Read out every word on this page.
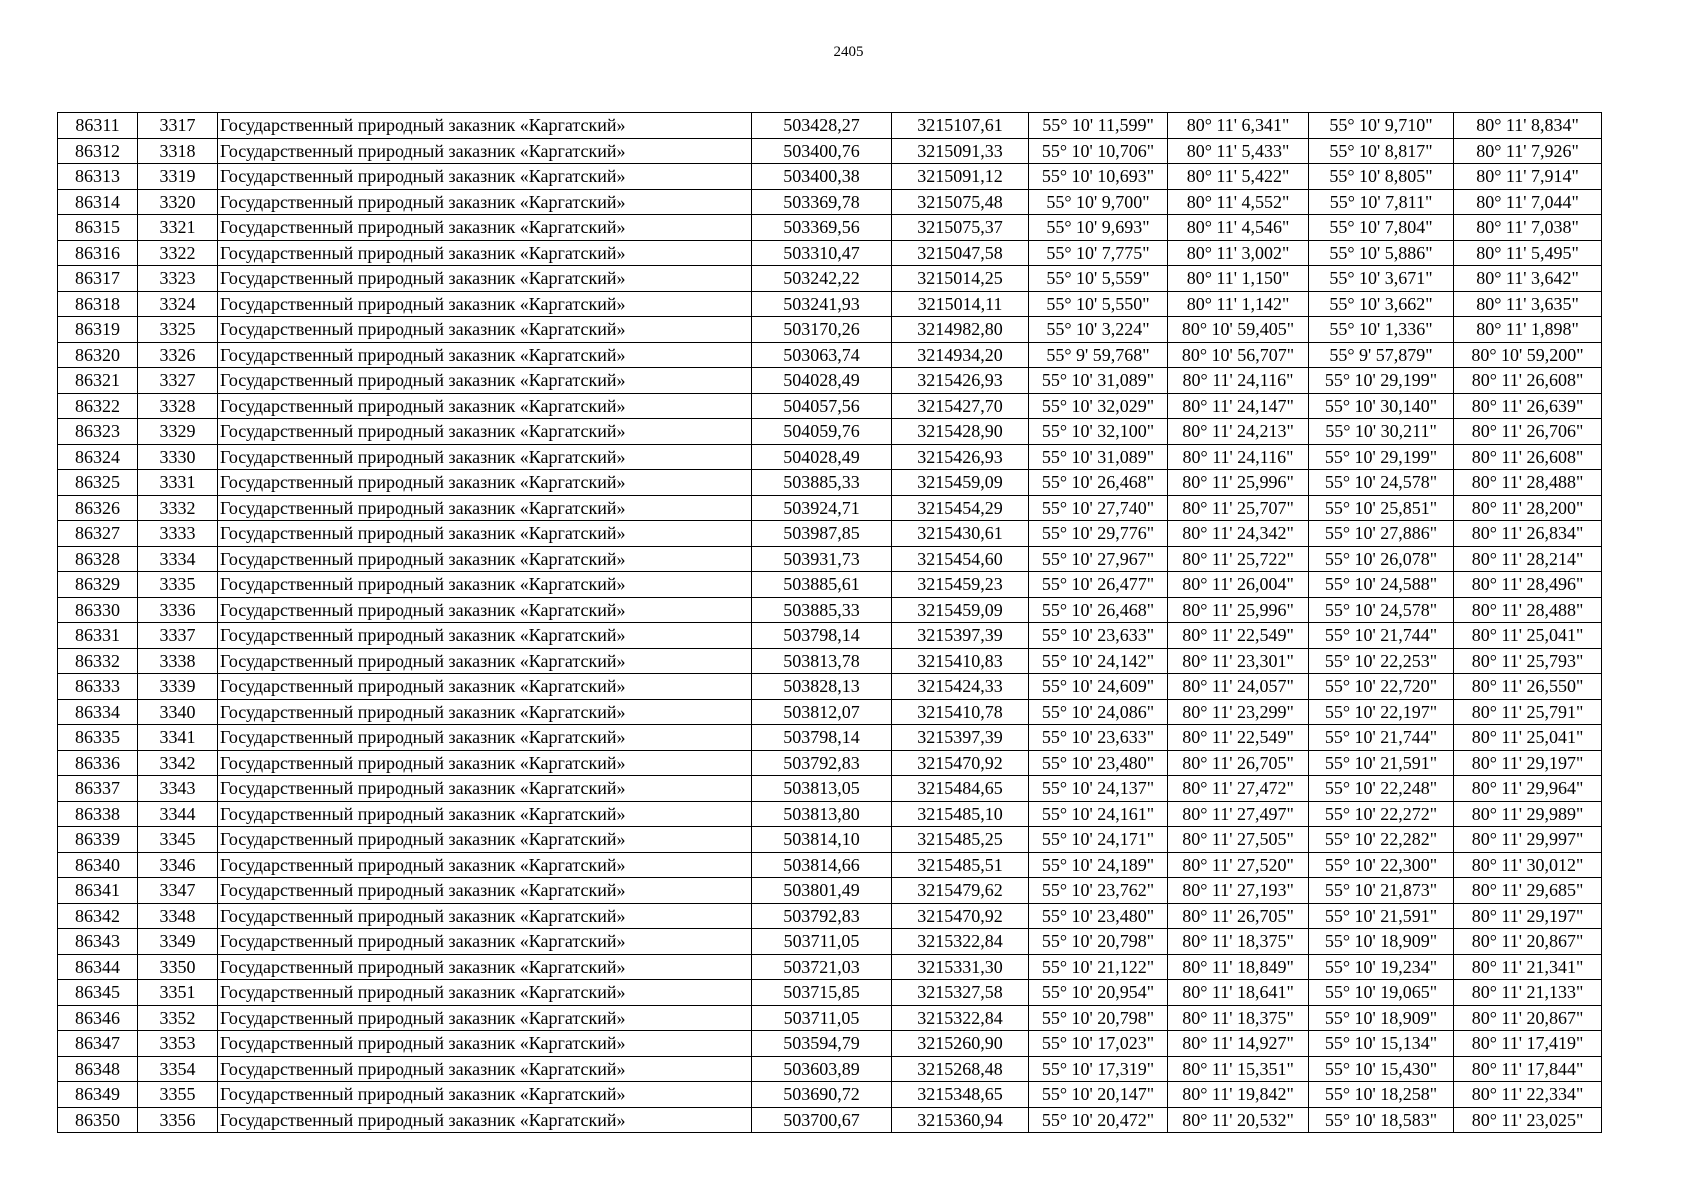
2405
86311	3317	Государственный природный заказник «Каргатский»	503428,27	3215107,61	55° 10' 11,599"	80° 11' 6,341"	55° 10' 9,710"	80° 11' 8,834"
86312	3318	Государственный природный заказник «Каргатский»	503400,76	3215091,33	55° 10' 10,706"	80° 11' 5,433"	55° 10' 8,817"	80° 11' 7,926"
86313	3319	Государственный природный заказник «Каргатский»	503400,38	3215091,12	55° 10' 10,693"	80° 11' 5,422"	55° 10' 8,805"	80° 11' 7,914"
86314	3320	Государственный природный заказник «Каргатский»	503369,78	3215075,48	55° 10' 9,700"	80° 11' 4,552"	55° 10' 7,811"	80° 11' 7,044"
86315	3321	Государственный природный заказник «Каргатский»	503369,56	3215075,37	55° 10' 9,693"	80° 11' 4,546"	55° 10' 7,804"	80° 11' 7,038"
86316	3322	Государственный природный заказник «Каргатский»	503310,47	3215047,58	55° 10' 7,775"	80° 11' 3,002"	55° 10' 5,886"	80° 11' 5,495"
86317	3323	Государственный природный заказник «Каргатский»	503242,22	3215014,25	55° 10' 5,559"	80° 11' 1,150"	55° 10' 3,671"	80° 11' 3,642"
86318	3324	Государственный природный заказник «Каргатский»	503241,93	3215014,11	55° 10' 5,550"	80° 11' 1,142"	55° 10' 3,662"	80° 11' 3,635"
86319	3325	Государственный природный заказник «Каргатский»	503170,26	3214982,80	55° 10' 3,224"	80° 10' 59,405"	55° 10' 1,336"	80° 11' 1,898"
86320	3326	Государственный природный заказник «Каргатский»	503063,74	3214934,20	55° 9' 59,768"	80° 10' 56,707"	55° 9' 57,879"	80° 10' 59,200"
86321	3327	Государственный природный заказник «Каргатский»	504028,49	3215426,93	55° 10' 31,089"	80° 11' 24,116"	55° 10' 29,199"	80° 11' 26,608"
86322	3328	Государственный природный заказник «Каргатский»	504057,56	3215427,70	55° 10' 32,029"	80° 11' 24,147"	55° 10' 30,140"	80° 11' 26,639"
86323	3329	Государственный природный заказник «Каргатский»	504059,76	3215428,90	55° 10' 32,100"	80° 11' 24,213"	55° 10' 30,211"	80° 11' 26,706"
86324	3330	Государственный природный заказник «Каргатский»	504028,49	3215426,93	55° 10' 31,089"	80° 11' 24,116"	55° 10' 29,199"	80° 11' 26,608"
86325	3331	Государственный природный заказник «Каргатский»	503885,33	3215459,09	55° 10' 26,468"	80° 11' 25,996"	55° 10' 24,578"	80° 11' 28,488"
86326	3332	Государственный природный заказник «Каргатский»	503924,71	3215454,29	55° 10' 27,740"	80° 11' 25,707"	55° 10' 25,851"	80° 11' 28,200"
86327	3333	Государственный природный заказник «Каргатский»	503987,85	3215430,61	55° 10' 29,776"	80° 11' 24,342"	55° 10' 27,886"	80° 11' 26,834"
86328	3334	Государственный природный заказник «Каргатский»	503931,73	3215454,60	55° 10' 27,967"	80° 11' 25,722"	55° 10' 26,078"	80° 11' 28,214"
86329	3335	Государственный природный заказник «Каргатский»	503885,61	3215459,23	55° 10' 26,477"	80° 11' 26,004"	55° 10' 24,588"	80° 11' 28,496"
86330	3336	Государственный природный заказник «Каргатский»	503885,33	3215459,09	55° 10' 26,468"	80° 11' 25,996"	55° 10' 24,578"	80° 11' 28,488"
86331	3337	Государственный природный заказник «Каргатский»	503798,14	3215397,39	55° 10' 23,633"	80° 11' 22,549"	55° 10' 21,744"	80° 11' 25,041"
86332	3338	Государственный природный заказник «Каргатский»	503813,78	3215410,83	55° 10' 24,142"	80° 11' 23,301"	55° 10' 22,253"	80° 11' 25,793"
86333	3339	Государственный природный заказник «Каргатский»	503828,13	3215424,33	55° 10' 24,609"	80° 11' 24,057"	55° 10' 22,720"	80° 11' 26,550"
86334	3340	Государственный природный заказник «Каргатский»	503812,07	3215410,78	55° 10' 24,086"	80° 11' 23,299"	55° 10' 22,197"	80° 11' 25,791"
86335	3341	Государственный природный заказник «Каргатский»	503798,14	3215397,39	55° 10' 23,633"	80° 11' 22,549"	55° 10' 21,744"	80° 11' 25,041"
86336	3342	Государственный природный заказник «Каргатский»	503792,83	3215470,92	55° 10' 23,480"	80° 11' 26,705"	55° 10' 21,591"	80° 11' 29,197"
86337	3343	Государственный природный заказник «Каргатский»	503813,05	3215484,65	55° 10' 24,137"	80° 11' 27,472"	55° 10' 22,248"	80° 11' 29,964"
86338	3344	Государственный природный заказник «Каргатский»	503813,80	3215485,10	55° 10' 24,161"	80° 11' 27,497"	55° 10' 22,272"	80° 11' 29,989"
86339	3345	Государственный природный заказник «Каргатский»	503814,10	3215485,25	55° 10' 24,171"	80° 11' 27,505"	55° 10' 22,282"	80° 11' 29,997"
86340	3346	Государственный природный заказник «Каргатский»	503814,66	3215485,51	55° 10' 24,189"	80° 11' 27,520"	55° 10' 22,300"	80° 11' 30,012"
86341	3347	Государственный природный заказник «Каргатский»	503801,49	3215479,62	55° 10' 23,762"	80° 11' 27,193"	55° 10' 21,873"	80° 11' 29,685"
86342	3348	Государственный природный заказник «Каргатский»	503792,83	3215470,92	55° 10' 23,480"	80° 11' 26,705"	55° 10' 21,591"	80° 11' 29,197"
86343	3349	Государственный природный заказник «Каргатский»	503711,05	3215322,84	55° 10' 20,798"	80° 11' 18,375"	55° 10' 18,909"	80° 11' 20,867"
86344	3350	Государственный природный заказник «Каргатский»	503721,03	3215331,30	55° 10' 21,122"	80° 11' 18,849"	55° 10' 19,234"	80° 11' 21,341"
86345	3351	Государственный природный заказник «Каргатский»	503715,85	3215327,58	55° 10' 20,954"	80° 11' 18,641"	55° 10' 19,065"	80° 11' 21,133"
86346	3352	Государственный природный заказник «Каргатский»	503711,05	3215322,84	55° 10' 20,798"	80° 11' 18,375"	55° 10' 18,909"	80° 11' 20,867"
86347	3353	Государственный природный заказник «Каргатский»	503594,79	3215260,90	55° 10' 17,023"	80° 11' 14,927"	55° 10' 15,134"	80° 11' 17,419"
86348	3354	Государственный природный заказник «Каргатский»	503603,89	3215268,48	55° 10' 17,319"	80° 11' 15,351"	55° 10' 15,430"	80° 11' 17,844"
86349	3355	Государственный природный заказник «Каргатский»	503690,72	3215348,65	55° 10' 20,147"	80° 11' 19,842"	55° 10' 18,258"	80° 11' 22,334"
86350	3356	Государственный природный заказник «Каргатский»	503700,67	3215360,94	55° 10' 20,472"	80° 11' 20,532"	55° 10' 18,583"	80° 11' 23,025"
